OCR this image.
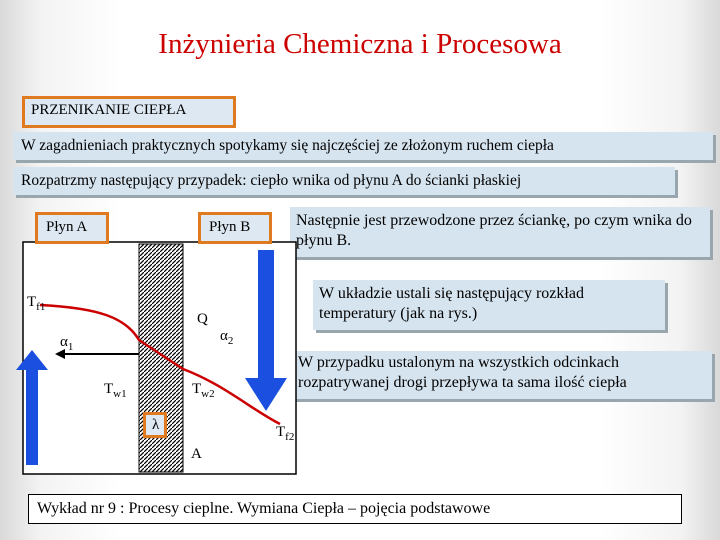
Inżynieria Chemiczna i Procesowa
PRZENIKANIE CIEPŁA
W zagadnieniach praktycznych spotykamy się najczęściej ze złożonym ruchem ciepła
Rozpatrzmy następujący przypadek: ciepło wnika od płynu A do ścianki płaskiej
Następnie jest przewodzone przez ściankę, po czym wnika do płynu B.
W układzie ustali się następujący rozkład temperatury (jak na rys.)
W przypadku ustalonym na wszystkich odcinkach rozpatrywanej drogi przepływa ta sama ilość ciepła
Płyn A	Płyn B
$T_{f1}$
Q
$\alpha_1$
$\alpha_2$
$T_{w1}$	$T_{w2}$
λ
A
$T_{f2}$
Wykład nr 9 : Procesy cieplne. Wymiana Ciepła – pojęcia podstawowe
